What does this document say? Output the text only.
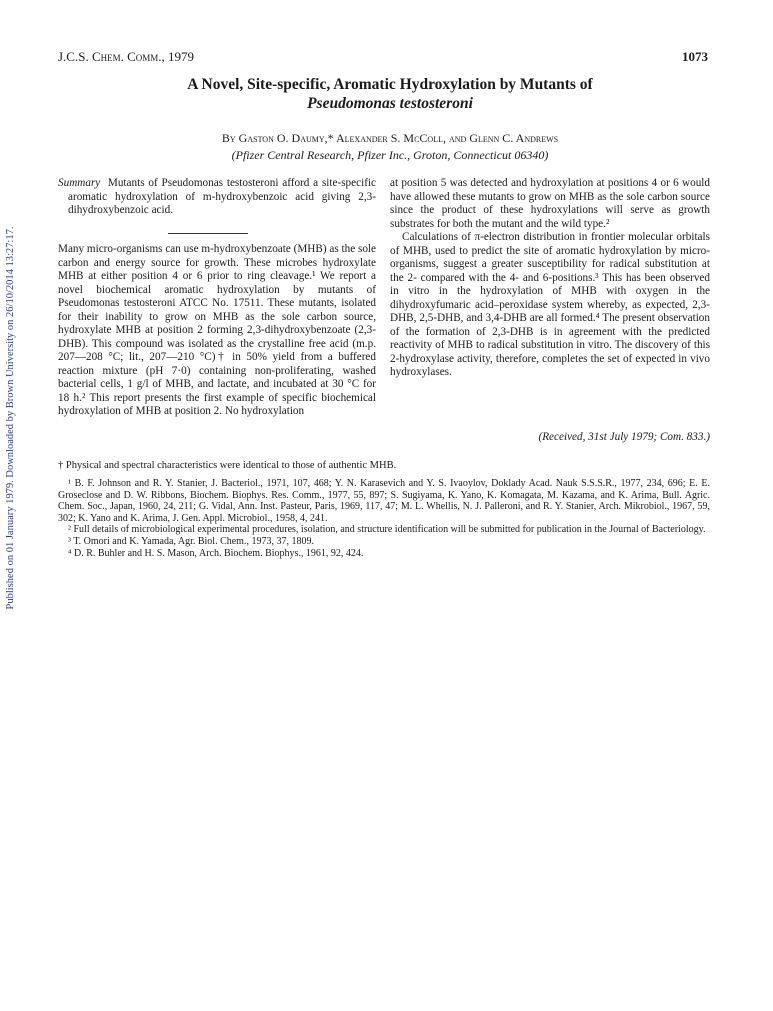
Published on 01 January 1979. Downloaded by Brown University on 26/10/2014 13:27:17.
J.C.S. Chem. Comm., 1979	1073
A Novel, Site-specific, Aromatic Hydroxylation by Mutants of
Pseudomonas testosteroni
By Gaston O. Daumy,* Alexander S. McColl, and Glenn C. Andrews
(Pfizer Central Research, Pfizer Inc., Groton, Connecticut 06340)

Summary Mutants of Pseudomonas testosteroni afford a site-specific aromatic hydroxylation of m-hydroxybenzoic acid giving 2,3-dihydroxybenzoic acid.

Many micro-organisms can use m-hydroxybenzoate (MHB) as the sole carbon and energy source for growth. These microbes hydroxylate MHB at either position 4 or 6 prior to ring cleavage.¹ We report a novel biochemical aromatic hydroxylation by mutants of Pseudomonas testosteroni ATCC No. 17511. These mutants, isolated for their inability to grow on MHB as the sole carbon source, hydroxylate MHB at position 2 forming 2,3-dihydroxybenzoate (2,3-DHB). This compound was isolated as the crystalline free acid (m.p. 207—208 °C; lit., 207—210 °C)† in 50% yield from a buffered reaction mixture (pH 7·0) containing non-proliferating, washed bacterial cells, 1 g/l of MHB, and lactate, and incubated at 30 °C for 18 h.² This report presents the first example of specific biochemical hydroxylation of MHB at position 2. No hydroxylation

at position 5 was detected and hydroxylation at positions 4 or 6 would have allowed these mutants to grow on MHB as the sole carbon source since the product of these hydroxylations will serve as growth substrates for both the mutant and the wild type.²

Calculations of π-electron distribution in frontier molecular orbitals of MHB, used to predict the site of aromatic hydroxylation by micro-organisms, suggest a greater susceptibility for radical substitution at the 2- compared with the 4- and 6-positions.³ This has been observed in vitro in the hydroxylation of MHB with oxygen in the dihydroxyfumaric acid–peroxidase system whereby, as expected, 2,3-DHB, 2,5-DHB, and 3,4-DHB are all formed.⁴ The present observation of the formation of 2,3-DHB is in agreement with the predicted reactivity of MHB to radical substitution in vitro. The discovery of this 2-hydroxylase activity, therefore, completes the set of expected in vivo hydroxylases.

(Received, 31st July 1979; Com. 833.)

† Physical and spectral characteristics were identical to those of authentic MHB.

¹ B. F. Johnson and R. Y. Stanier, J. Bacteriol., 1971, 107, 468; Y. N. Karasevich and Y. S. Ivaoylov, Doklady Acad. Nauk S.S.S.R., 1977, 234, 696; E. E. Groseclose and D. W. Ribbons, Biochem. Biophys. Res. Comm., 1977, 55, 897; S. Sugiyama, K. Yano, K. Komagata, M. Kazama, and K. Arima, Bull. Agric. Chem. Soc., Japan, 1960, 24, 211; G. Vidal, Ann. Inst. Pasteur, Paris, 1969, 117, 47; M. L. Whellis, N. J. Palleroni, and R. Y. Stanier, Arch. Mikrobiol., 1967, 59, 302; K. Yano and K. Arima, J. Gen. Appl. Microbiol., 1958, 4, 241.

² Full details of microbiological experimental procedures, isolation, and structure identification will be submitted for publication in the Journal of Bacteriology.

³ T. Omori and K. Yamada, Agr. Biol. Chem., 1973, 37, 1809.

⁴ D. R. Buhler and H. S. Mason, Arch. Biochem. Biophys., 1961, 92, 424.
